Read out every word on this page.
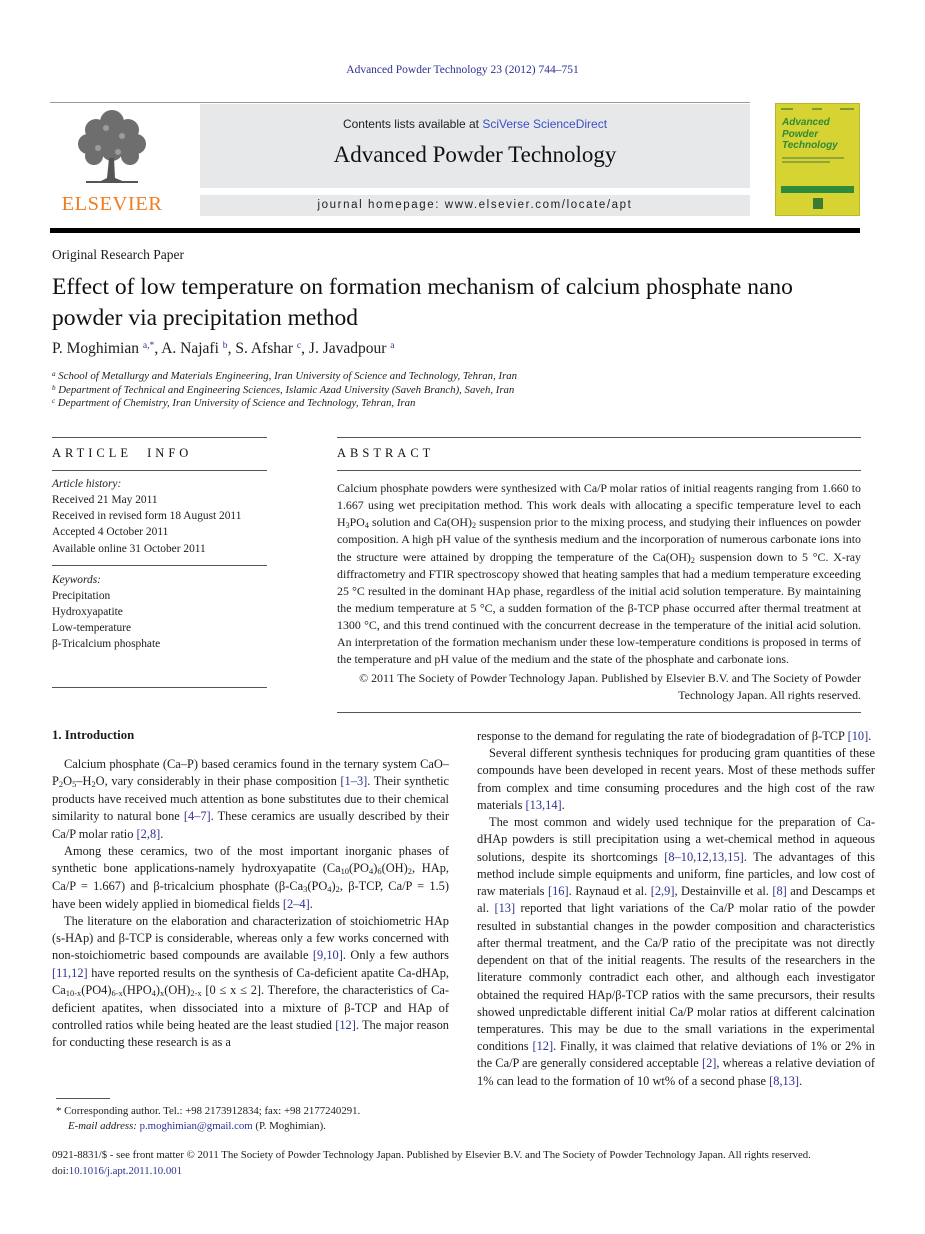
Advanced Powder Technology 23 (2012) 744–751
ELSEVIER
Contents lists available at SciVerse ScienceDirect
Advanced Powder Technology
journal homepage: www.elsevier.com/locate/apt
Advanced
Powder
Technology
Original Research Paper
Effect of low temperature on formation mechanism of calcium phosphate nano powder via precipitation method
P. Moghimian $^{a,*}$, A. Najafi $^b$, S. Afshar $^c$, J. Javadpour $^a$
$^a$ School of Metallurgy and Materials Engineering, Iran University of Science and Technology, Tehran, Iran
$^b$ Department of Technical and Engineering Sciences, Islamic Azad University (Saveh Branch), Saveh, Iran
$^c$ Department of Chemistry, Iran University of Science and Technology, Tehran, Iran
ARTICLE INFO
Article history:
Received 21 May 2011
Received in revised form 18 August 2011
Accepted 4 October 2011
Available online 31 October 2011
Keywords:
Precipitation
Hydroxyapatite
Low-temperature
β-Tricalcium phosphate
ABSTRACT
Calcium phosphate powders were synthesized with Ca/P molar ratios of initial reagents ranging from 1.660 to 1.667 using wet precipitation method. This work deals with allocating a specific temperature level to each H3PO4 solution and Ca(OH)2 suspension prior to the mixing process, and studying their influences on powder composition. A high pH value of the synthesis medium and the incorporation of numerous carbonate ions into the structure were attained by dropping the temperature of the Ca(OH)2 suspension down to 5 °C. X-ray diffractometry and FTIR spectroscopy showed that heating samples that had a medium temperature exceeding 25 °C resulted in the dominant HAp phase, regardless of the initial acid solution temperature. By maintaining the medium temperature at 5 °C, a sudden formation of the β-TCP phase occurred after thermal treatment at 1300 °C, and this trend continued with the concurrent decrease in the temperature of the initial acid solution. An interpretation of the formation mechanism under these low-temperature conditions is proposed in terms of the temperature and pH value of the medium and the state of the phosphate and carbonate ions.
© 2011 The Society of Powder Technology Japan. Published by Elsevier B.V. and The Society of Powder Technology Japan. All rights reserved.
1. Introduction

Calcium phosphate (Ca–P) based ceramics found in the ternary system CaO–P2O5–H2O, vary considerably in their phase composition [1–3]. Their synthetic products have received much attention as bone substitutes due to their chemical similarity to natural bone [4–7]. These ceramics are usually described by their Ca/P molar ratio [2,8].

Among these ceramics, two of the most important inorganic phases of synthetic bone applications-namely hydroxyapatite (Ca10(PO4)6(OH)2, HAp, Ca/P = 1.667) and β-tricalcium phosphate (β-Ca3(PO4)2, β-TCP, Ca/P = 1.5) have been widely applied in biomedical fields [2–4].

The literature on the elaboration and characterization of stoichiometric HAp (s-HAp) and β-TCP is considerable, whereas only a few works concerned with non-stoichiometric based compounds are available [9,10]. Only a few authors [11,12] have reported results on the synthesis of Ca-deficient apatite Ca-dHAp, Ca10-x(PO4)6-x(HPO4)x(OH)2-x [0 ≤ x ≤ 2]. Therefore, the characteristics of Ca-deficient apatites, when dissociated into a mixture of β-TCP and HAp of controlled ratios while being heated are the least studied [12]. The major reason for conducting these research is as a

response to the demand for regulating the rate of biodegradation of β-TCP [10].

Several different synthesis techniques for producing gram quantities of these compounds have been developed in recent years. Most of these methods suffer from complex and time consuming procedures and the high cost of the raw materials [13,14].

The most common and widely used technique for the preparation of Ca-dHAp powders is still precipitation using a wet-chemical method in aqueous solutions, despite its shortcomings [8–10,12,13,15]. The advantages of this method include simple equipments and uniform, fine particles, and low cost of raw materials [16]. Raynaud et al. [2,9], Destainville et al. [8] and Descamps et al. [13] reported that light variations of the Ca/P molar ratio of the powder resulted in substantial changes in the powder composition and characteristics after thermal treatment, and the Ca/P ratio of the precipitate was not directly dependent on that of the initial reagents. The results of the researchers in the literature commonly contradict each other, and although each investigator obtained the required HAp/β-TCP ratios with the same precursors, their results showed unpredictable different initial Ca/P molar ratios at different calcination temperatures. This may be due to the small variations in the experimental conditions [12]. Finally, it was claimed that relative deviations of 1% or 2% in the Ca/P are generally considered acceptable [2], whereas a relative deviation of 1% can lead to the formation of 10 wt% of a second phase [8,13].

* Corresponding author. Tel.: +98 2173912834; fax: +98 2177240291.
E-mail address: p.moghimian@gmail.com (P. Moghimian).
0921-8831/$ - see front matter © 2011 The Society of Powder Technology Japan. Published by Elsevier B.V. and The Society of Powder Technology Japan. All rights reserved.
doi:10.1016/j.apt.2011.10.001
